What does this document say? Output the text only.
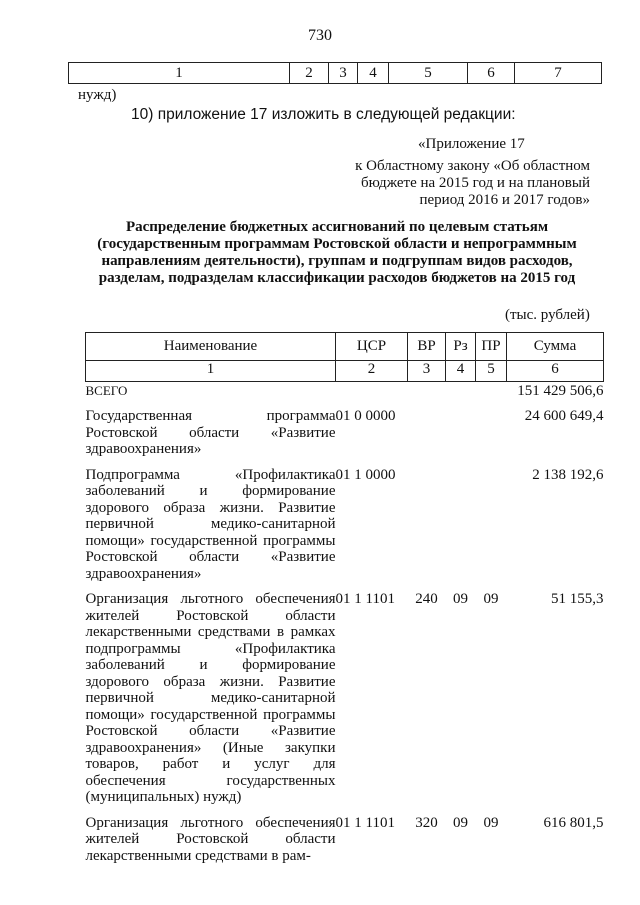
730
1	2	3	4	5	6	7
нужд)
10) приложение 17 изложить в следующей редакции:
«Приложение 17
к Областному закону «Об областном
бюджете на 2015 год и на плановый
период 2016 и 2017 годов»
Распределение бюджетных ассигнований по целевым статьям
(государственным программам Ростовской области и непрограммным
направлениям деятельности), группам и подгруппам видов расходов,
разделам, подразделам классификации расходов бюджетов на 2015 год
(тыс. рублей)
Наименование	ЦСР	ВР	Рз	ПР	Сумма
1	2	3	4	5	6
ВСЕГО					151 429 506,6
Государственная программа Ростовской области «Развитие здравоохранения»	01 0 0000				24 600 649,4
Подпрограмма «Профилактика заболеваний и формирование здорового образа жизни. Развитие первичной медико-санитарной помощи» государственной программы Ростовской области «Развитие здравоохранения»	01 1 0000				2 138 192,6
Организация льготного обеспечения жителей Ростовской области лекарственными средствами в рамках подпрограммы «Профилактика заболеваний и формирование здорового образа жизни. Развитие первичной медико-санитарной помощи» государственной программы Ростовской области «Развитие здравоохранения» (Иные закупки товаров, работ и услуг для обеспечения государственных (муниципальных) нужд)	01 1 1101	240	09	09	51 155,3
Организация льготного обеспечения жителей Ростовской области лекарственными средствами в рам-	01 1 1101	320	09	09	616 801,5
